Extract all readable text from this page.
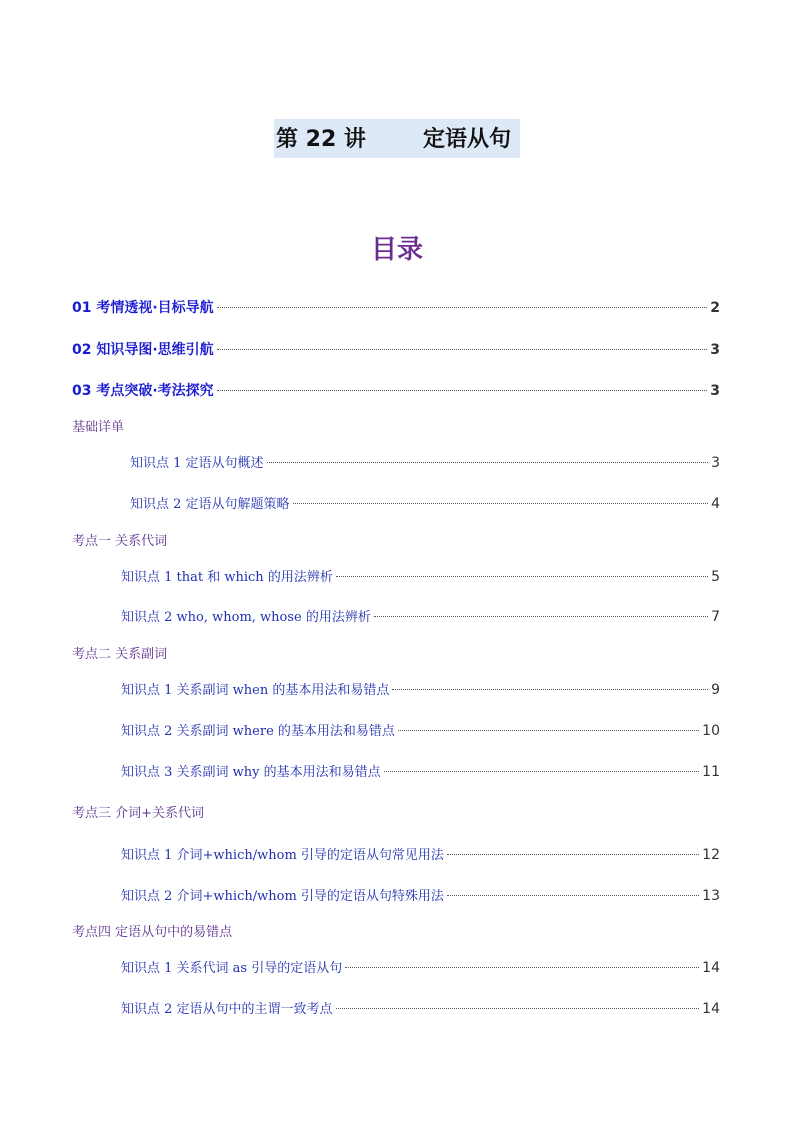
第 22 讲	定语从句
目录
01 考情透视·目标导航	2
02 知识导图·思维引航	3
03 考点突破·考法探究	3
基础详单
知识点 1 定语从句概述	3
知识点 2 定语从句解题策略	4
考点一 关系代词
知识点 1 that 和 which 的用法辨析	5
知识点 2 who, whom, whose 的用法辨析	7
考点二 关系副词
知识点 1 关系副词 when 的基本用法和易错点	9
知识点 2 关系副词 where 的基本用法和易错点	10
知识点 3 关系副词 why 的基本用法和易错点	11
考点三 介词+关系代词
知识点 1 介词+which/whom 引导的定语从句常见用法	12
知识点 2 介词+which/whom 引导的定语从句特殊用法	13
考点四 定语从句中的易错点
知识点 1 关系代词 as 引导的定语从句	14
知识点 2 定语从句中的主谓一致考点	14
